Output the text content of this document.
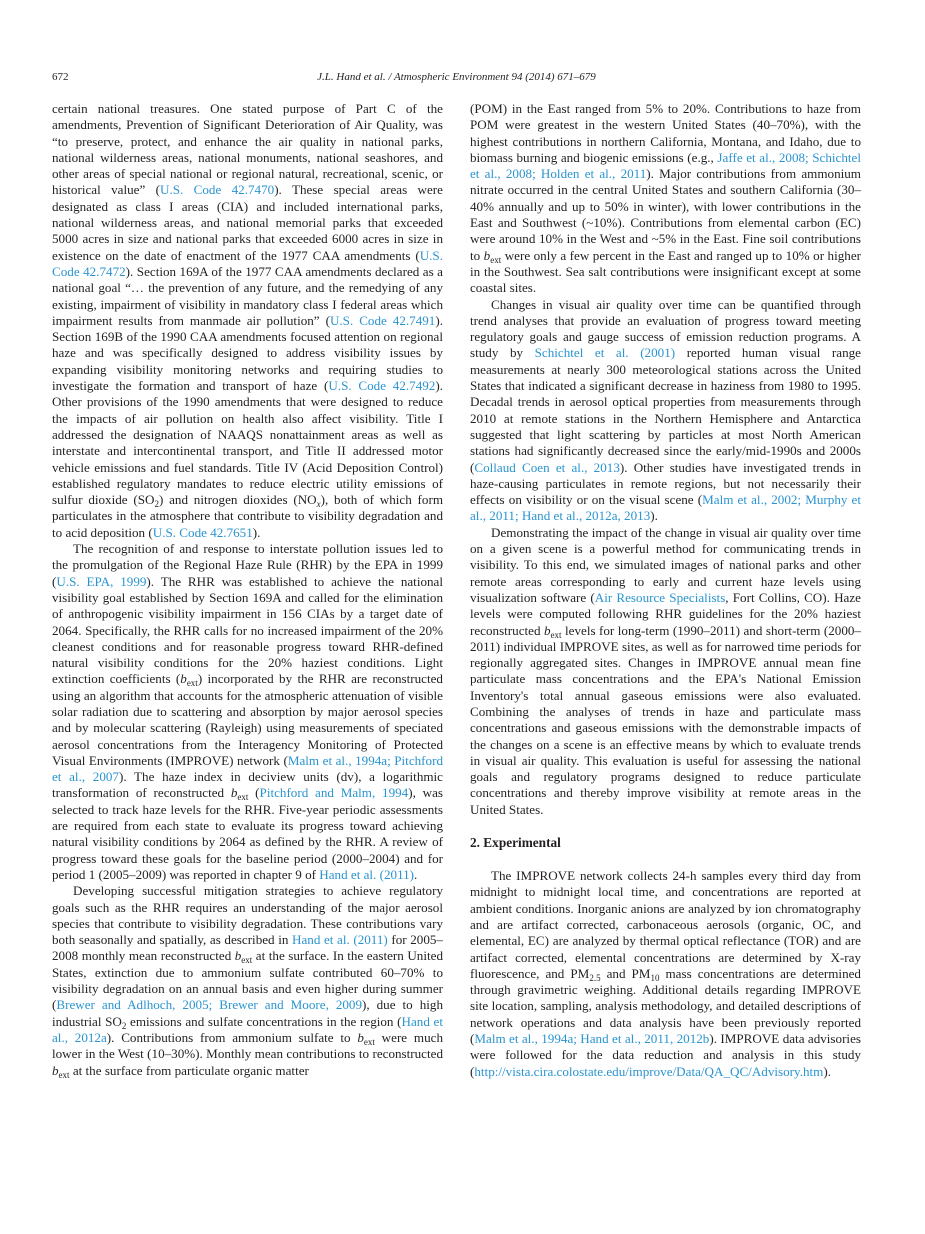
672	J.L. Hand et al. / Atmospheric Environment 94 (2014) 671–679

certain national treasures. One stated purpose of Part C of the amendments, Prevention of Significant Deterioration of Air Quality, was “to preserve, protect, and enhance the air quality in national parks, national wilderness areas, national monuments, national seashores, and other areas of special national or regional natural, recreational, scenic, or historical value” (U.S. Code 42.7470). These special areas were designated as class I areas (CIA) and included international parks, national wilderness areas, and national memorial parks that exceeded 5000 acres in size and national parks that exceeded 6000 acres in size in existence on the date of enactment of the 1977 CAA amendments (U.S. Code 42.7472). Section 169A of the 1977 CAA amendments declared as a national goal “… the prevention of any future, and the remedying of any existing, impairment of visibility in mandatory class I federal areas which impairment results from manmade air pollution” (U.S. Code 42.7491). Section 169B of the 1990 CAA amendments focused attention on regional haze and was specifically designed to address visibility issues by expanding visibility monitoring networks and requiring studies to investigate the formation and transport of haze (U.S. Code 42.7492). Other provisions of the 1990 amendments that were designed to reduce the impacts of air pollution on health also affect visibility. Title I addressed the designation of NAAQS nonattainment areas as well as interstate and intercontinental transport, and Title II addressed motor vehicle emissions and fuel standards. Title IV (Acid Deposition Control) established regulatory mandates to reduce electric utility emissions of sulfur dioxide $(SO_2)$ and nitrogen dioxides $(NO_x)$, both of which form particulates in the atmosphere that contribute to visibility degradation and to acid deposition (U.S. Code 42.7651).

The recognition of and response to interstate pollution issues led to the promulgation of the Regional Haze Rule (RHR) by the EPA in 1999 (U.S. EPA, 1999). The RHR was established to achieve the national visibility goal established by Section 169A and called for the elimination of anthropogenic visibility impairment in 156 CIAs by a target date of 2064. Specifically, the RHR calls for no increased impairment of the 20% cleanest conditions and for reasonable progress toward RHR-defined natural visibility conditions for the 20% haziest conditions. Light extinction coefficients $(b_{ext})$ incorporated by the RHR are reconstructed using an algorithm that accounts for the atmospheric attenuation of visible solar radiation due to scattering and absorption by major aerosol species and by molecular scattering (Rayleigh) using measurements of speciated aerosol concentrations from the Interagency Monitoring of Protected Visual Environments (IMPROVE) network (Malm et al., 1994a; Pitchford et al., 2007). The haze index in deciview units (dv), a logarithmic transformation of reconstructed $b_{ext}$ (Pitchford and Malm, 1994), was selected to track haze levels for the RHR. Five-year periodic assessments are required from each state to evaluate its progress toward achieving natural visibility conditions by 2064 as defined by the RHR. A review of progress toward these goals for the baseline period (2000–2004) and for period 1 (2005–2009) was reported in chapter 9 of Hand et al. (2011).

Developing successful mitigation strategies to achieve regulatory goals such as the RHR requires an understanding of the major aerosol species that contribute to visibility degradation. These contributions vary both seasonally and spatially, as described in Hand et al. (2011) for 2005–2008 monthly mean reconstructed $b_{ext}$ at the surface. In the eastern United States, extinction due to ammonium sulfate contributed 60–70% to visibility degradation on an annual basis and even higher during summer (Brewer and Adlhoch, 2005; Brewer and Moore, 2009), due to high industrial $SO_2$ emissions and sulfate concentrations in the region (Hand et al., 2012a). Contributions from ammonium sulfate to $b_{ext}$ were much lower in the West (10–30%). Monthly mean contributions to reconstructed $b_{ext}$ at the surface from particulate organic matter

(POM) in the East ranged from 5% to 20%. Contributions to haze from POM were greatest in the western United States (40–70%), with the highest contributions in northern California, Montana, and Idaho, due to biomass burning and biogenic emissions (e.g., Jaffe et al., 2008; Schichtel et al., 2008; Holden et al., 2011). Major contributions from ammonium nitrate occurred in the central United States and southern California (30–40% annually and up to 50% in winter), with lower contributions in the East and Southwest (~10%). Contributions from elemental carbon (EC) were around 10% in the West and ~5% in the East. Fine soil contributions to $b_{ext}$ were only a few percent in the East and ranged up to 10% or higher in the Southwest. Sea salt contributions were insignificant except at some coastal sites.

Changes in visual air quality over time can be quantified through trend analyses that provide an evaluation of progress toward meeting regulatory goals and gauge success of emission reduction programs. A study by Schichtel et al. (2001) reported human visual range measurements at nearly 300 meteorological stations across the United States that indicated a significant decrease in haziness from 1980 to 1995. Decadal trends in aerosol optical properties from measurements through 2010 at remote stations in the Northern Hemisphere and Antarctica suggested that light scattering by particles at most North American stations had significantly decreased since the early/mid-1990s and 2000s (Collaud Coen et al., 2013). Other studies have investigated trends in haze-causing particulates in remote regions, but not necessarily their effects on visibility or on the visual scene (Malm et al., 2002; Murphy et al., 2011; Hand et al., 2012a, 2013).

Demonstrating the impact of the change in visual air quality over time on a given scene is a powerful method for communicating trends in visibility. To this end, we simulated images of national parks and other remote areas corresponding to early and current haze levels using visualization software (Air Resource Specialists, Fort Collins, CO). Haze levels were computed following RHR guidelines for the 20% haziest reconstructed $b_{ext}$ levels for long-term (1990–2011) and short-term (2000–2011) individual IMPROVE sites, as well as for narrowed time periods for regionally aggregated sites. Changes in IMPROVE annual mean fine particulate mass concentrations and the EPA's National Emission Inventory's total annual gaseous emissions were also evaluated. Combining the analyses of trends in haze and particulate mass concentrations and gaseous emissions with the demonstrable impacts of the changes on a scene is an effective means by which to evaluate trends in visual air quality. This evaluation is useful for assessing the national goals and regulatory programs designed to reduce particulate concentrations and thereby improve visibility at remote areas in the United States.

2. Experimental

The IMPROVE network collects 24-h samples every third day from midnight to midnight local time, and concentrations are reported at ambient conditions. Inorganic anions are analyzed by ion chromatography and are artifact corrected, carbonaceous aerosols (organic, OC, and elemental, EC) are analyzed by thermal optical reflectance (TOR) and are artifact corrected, elemental concentrations are determined by X-ray fluorescence, and $PM_{2.5}$ and $PM_{10}$ mass concentrations are determined through gravimetric weighing. Additional details regarding IMPROVE site location, sampling, analysis methodology, and detailed descriptions of network operations and data analysis have been previously reported (Malm et al., 1994a; Hand et al., 2011, 2012b). IMPROVE data advisories were followed for the data reduction and analysis in this study (http://vista.cira.colostate.edu/improve/Data/QA_QC/Advisory.htm).
